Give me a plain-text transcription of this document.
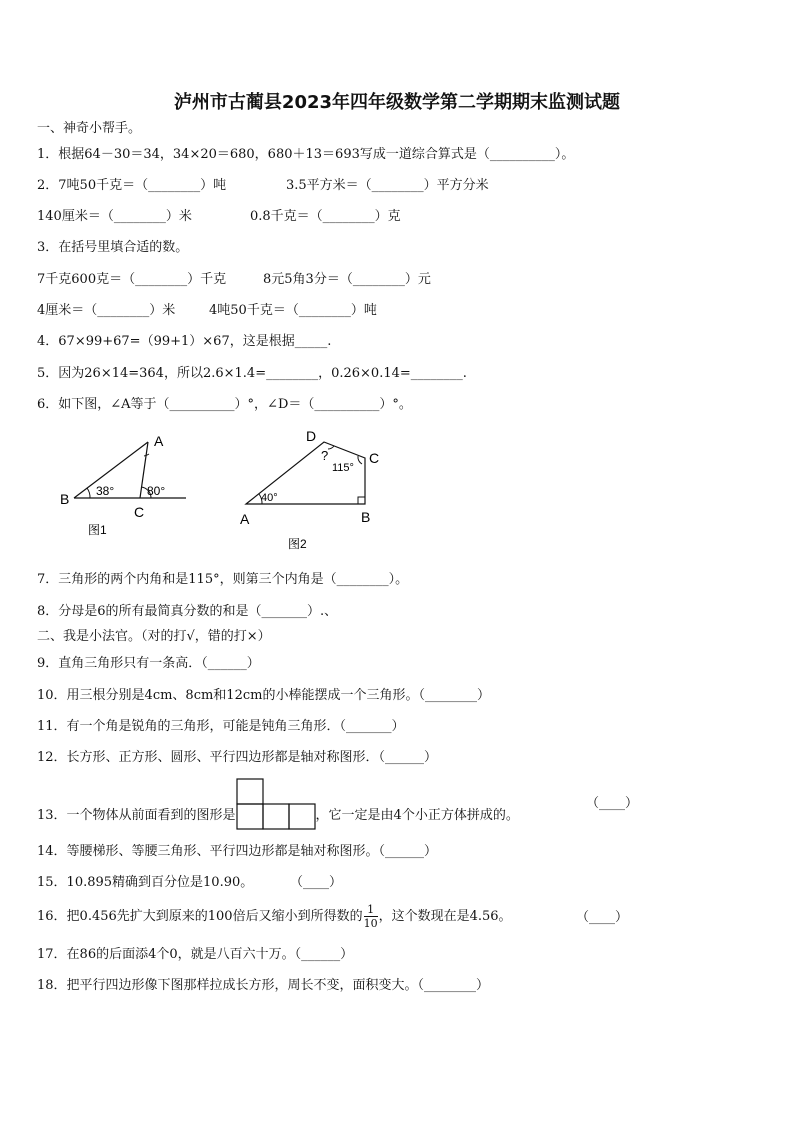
泸州市古蔺县2023年四年级数学第二学期期末监测试题
一、神奇小帮手。
1．根据64－30＝34，34×20＝680，680＋13＝693写成一道综合算式是（__________）。
2．7吨50千克＝（________）吨	3.5平方米＝（________）平方分米
140厘米＝（________）米	0.8千克＝（________）克
3．在括号里填合适的数。
7千克600克＝（________）千克	8元5角3分＝（________）元
4厘米＝（________）米	4吨50千克＝（________）吨
4．67×99+67=（99+1）×67，这是根据_____.
5．因为26×14=364，所以2.6×1.4=________，0.26×0.14=________.
6．如下图，∠A等于（__________）°，∠D＝（__________）°。
A
B
C
38°	80°
图1
A	B
C
D
40°
115°
?
图2
7．三角形的两个内角和是115°，则第三个内角是（________）。
8．分母是6的所有最简真分数的和是（_______）.、
二、我是小法官。（对的打√，错的打×）
9．直角三角形只有一条高．（______）
10．用三根分别是4cm、8cm和12cm的小棒能摆成一个三角形。（________）
11．有一个角是锐角的三角形，可能是钝角三角形．（_______）
12．长方形、正方形、圆形、平行四边形都是轴对称图形．（______）
13．一个物体从前面看到的图形是	，它一定是由4个小正方体拼成的。
（____）
14．等腰梯形、等腰三角形、平行四边形都是轴对称图形。（______）
15．10.895精确到百分位是10.90。	（____）
16．把0.456先扩大到原来的100倍后又缩小到所得数的$\frac{1}{10}$，这个数现在是4.56。	（____）
17．在86的后面添4个0，就是八百六十万。（______）
18．把平行四边形像下图那样拉成长方形，周长不变，面积变大。（________）
